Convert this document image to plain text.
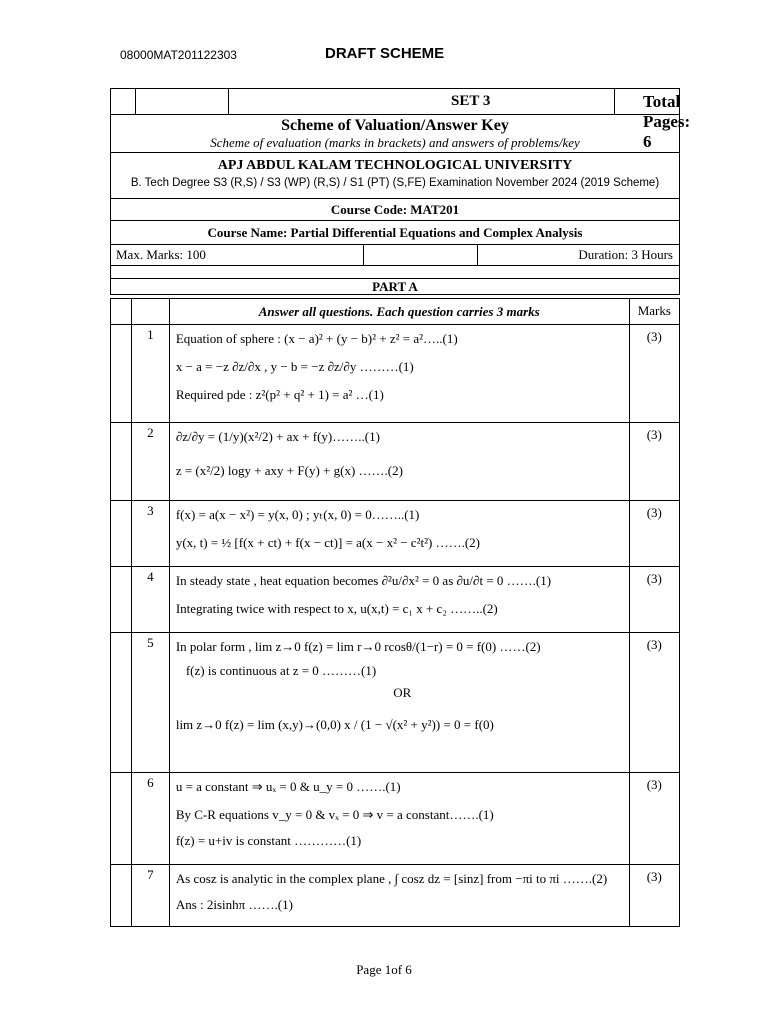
08000MAT201122303	DRAFT SCHEME
SET 3	Total Pages: 6
Scheme of Valuation/Answer Key
Scheme of evaluation (marks in brackets) and answers of problems/key
APJ ABDUL KALAM TECHNOLOGICAL UNIVERSITY
B. Tech Degree S3 (R,S) / S3 (WP) (R,S) / S1 (PT) (S,FE) Examination November 2024 (2019 Scheme)
Course Code: MAT201
Course Name: Partial Differential Equations and Complex Analysis
Max. Marks: 100	Duration: 3 Hours
PART A
		Answer all questions. Each question carries 3 marks	Marks
	1	Equation of sphere : (x − a)² + (y − b)² + z² = a²…..(1)
x − a = −z ∂z/∂x , y − b = −z ∂z/∂y ………(1)
Required pde : z²(p² + q² + 1) = a² …(1)	(3)
	2	∂z/∂y = (1/y)(x²/2) + ax + f(y)……..(1)
z = (x²/2) logy + axy + F(y) + g(x) …….(2)	(3)
	3	f(x) = a(x − x²) = y(x, 0) ; yₜ(x, 0) = 0……..(1)
y(x, t) = ½ [f(x + ct) + f(x − ct)] = a(x − x² − c²t²) …….(2)	(3)
	4	In steady state , heat equation becomes ∂²u/∂x² = 0 as ∂u/∂t = 0 …….(1)
Integrating twice with respect to x, u(x,t) = c₁ x + c₂ ……..(2)	(3)
	5	In polar form , lim z→0 f(z) = lim r→0 rcosθ/(1−r) = 0 = f(0) ……(2)
f(z) is continuous at z = 0 ………(1)
OR
lim z→0 f(z) = lim (x,y)→(0,0) x / (1 − √(x² + y²)) = 0 = f(0)	(3)
	6	u = a constant ⇒ uₓ = 0 & u_y = 0 …….(1)
By C-R equations v_y = 0 & vₓ = 0 ⇒ v = a constant…….(1)
f(z) = u+iv is constant …………(1)	(3)
	7	As cosz is analytic in the complex plane , ∫ cosz dz = [sinz] from −πi to πi …….(2)
Ans : 2isinhπ …….(1)	(3)
Page 1of 6
